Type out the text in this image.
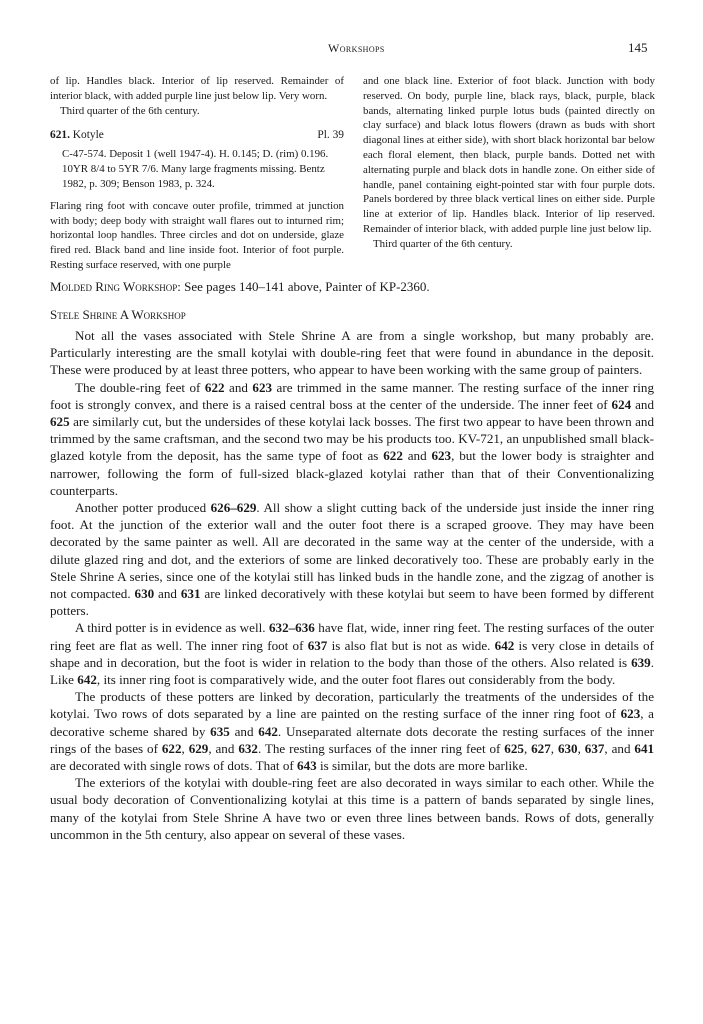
Workshops	145

of lip. Handles black. Interior of lip reserved. Remainder of interior black, with added purple line just below lip. Very worn.

Third quarter of the 6th century.

621. Kotyle	Pl. 39

C-47-574. Deposit 1 (well 1947-4). H. 0.145; D. (rim) 0.196. 10YR 8/4 to 5YR 7/6. Many large fragments missing. Bentz 1982, p. 309; Benson 1983, p. 324.

Flaring ring foot with concave outer profile, trimmed at junction with body; deep body with straight wall flares out to inturned rim; horizontal loop handles. Three circles and dot on underside, glaze fired red. Black band and line inside foot. Interior of foot purple. Resting surface reserved, with one purple

and one black line. Exterior of foot black. Junction with body reserved. On body, purple line, black rays, black, purple, black bands, alternating linked purple lotus buds (painted directly on clay surface) and black lotus flowers (drawn as buds with short diagonal lines at either side), with short black horizontal bar below each floral element, then black, purple bands. Dotted net with alternating purple and black dots in handle zone. On either side of handle, panel containing eight-pointed star with four purple dots. Panels bordered by three black vertical lines on either side. Purple line at exterior of lip. Handles black. Interior of lip reserved. Remainder of interior black, with added purple line just below lip.

Third quarter of the 6th century.

Molded Ring Workshop: See pages 140–141 above, Painter of KP-2360.
Stele Shrine A Workshop

Not all the vases associated with Stele Shrine A are from a single workshop, but many probably are. Particularly interesting are the small kotylai with double-ring feet that were found in abundance in the deposit. These were produced by at least three potters, who appear to have been working with the same group of painters.

The double-ring feet of 622 and 623 are trimmed in the same manner. The resting surface of the inner ring foot is strongly convex, and there is a raised central boss at the center of the underside. The inner feet of 624 and 625 are similarly cut, but the undersides of these kotylai lack bosses. The first two appear to have been thrown and trimmed by the same craftsman, and the second two may be his products too. KV-721, an unpublished small black-glazed kotyle from the deposit, has the same type of foot as 622 and 623, but the lower body is straighter and narrower, following the form of full-sized black-glazed kotylai rather than that of their Conventionalizing counterparts.

Another potter produced 626–629. All show a slight cutting back of the underside just inside the inner ring foot. At the junction of the exterior wall and the outer foot there is a scraped groove. They may have been decorated by the same painter as well. All are decorated in the same way at the center of the underside, with a dilute glazed ring and dot, and the exteriors of some are linked decoratively too. These are probably early in the Stele Shrine A series, since one of the kotylai still has linked buds in the handle zone, and the zigzag of another is not compacted. 630 and 631 are linked decoratively with these kotylai but seem to have been formed by different potters.

A third potter is in evidence as well. 632–636 have flat, wide, inner ring feet. The resting surfaces of the outer ring feet are flat as well. The inner ring foot of 637 is also flat but is not as wide. 642 is very close in details of shape and in decoration, but the foot is wider in relation to the body than those of the others. Also related is 639. Like 642, its inner ring foot is comparatively wide, and the outer foot flares out considerably from the body.

The products of these potters are linked by decoration, particularly the treatments of the undersides of the kotylai. Two rows of dots separated by a line are painted on the resting surface of the inner ring foot of 623, a decorative scheme shared by 635 and 642. Unseparated alternate dots decorate the resting surfaces of the inner rings of the bases of 622, 629, and 632. The resting surfaces of the inner ring feet of 625, 627, 630, 637, and 641 are decorated with single rows of dots. That of 643 is similar, but the dots are more barlike.

The exteriors of the kotylai with double-ring feet are also decorated in ways similar to each other. While the usual body decoration of Conventionalizing kotylai at this time is a pattern of bands separated by single lines, many of the kotylai from Stele Shrine A have two or even three lines between bands. Rows of dots, generally uncommon in the 5th century, also appear on several of these vases.
